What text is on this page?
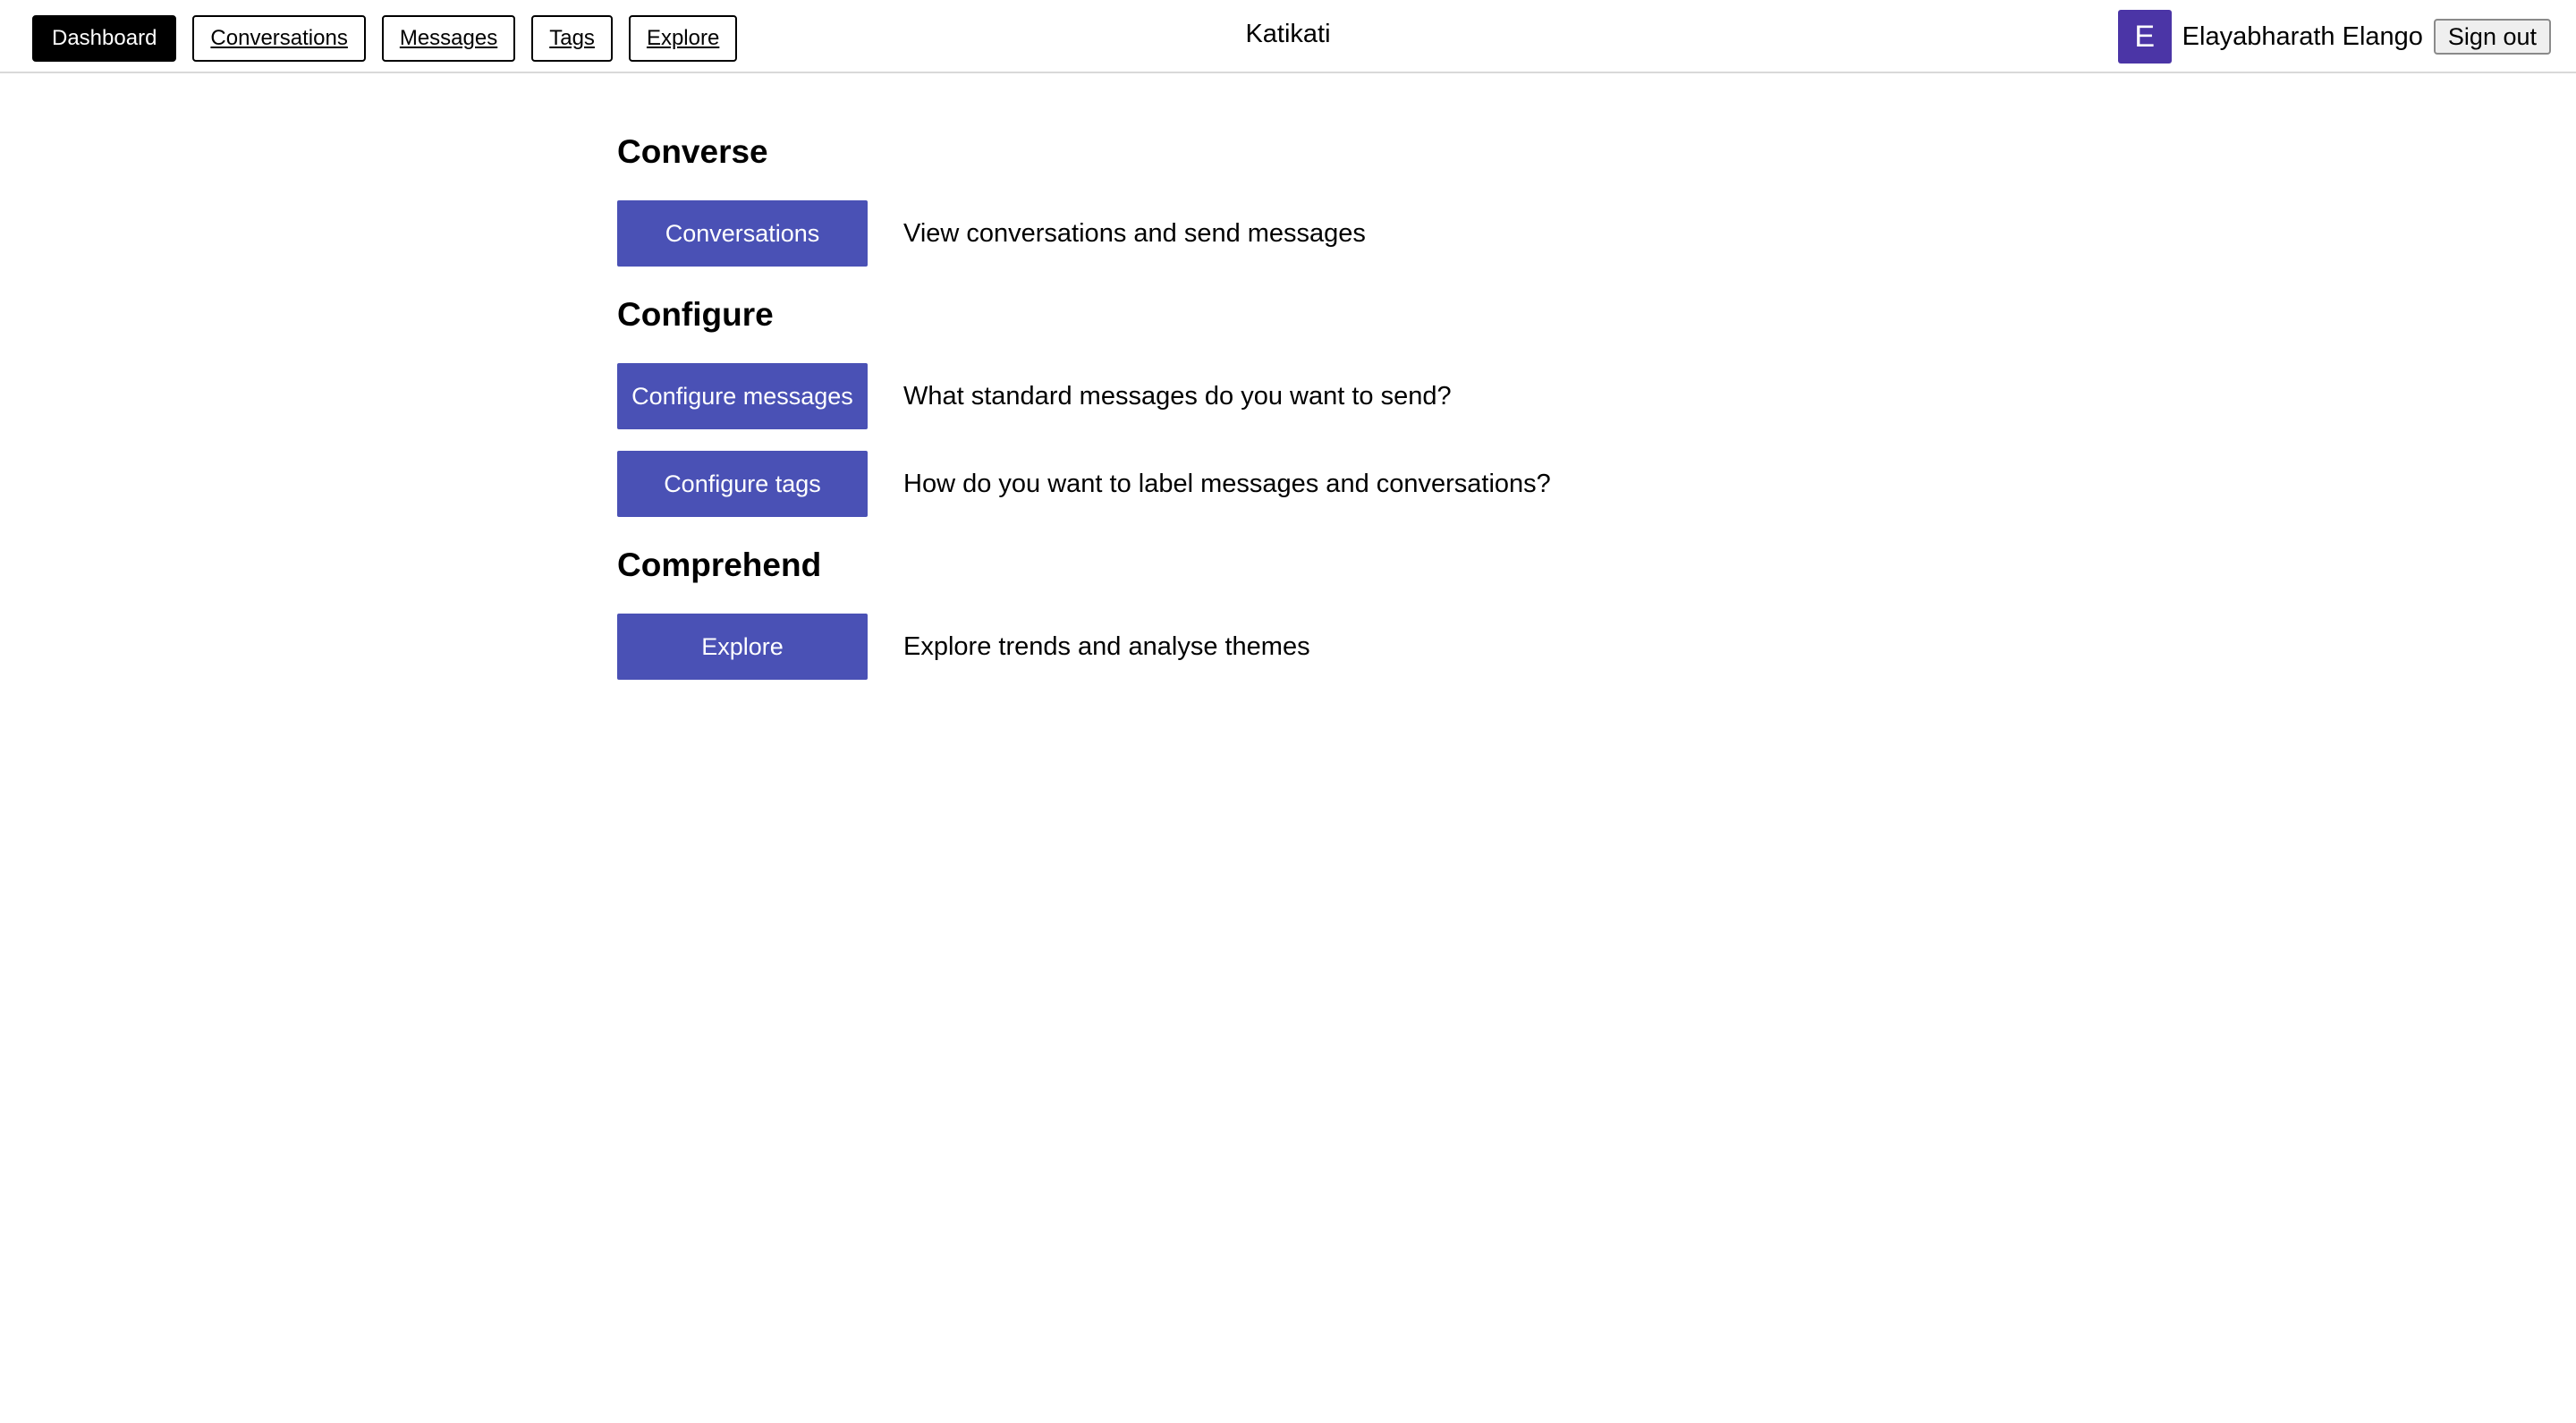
Dashboard	Conversations	Messages	Tags	Explore	Katikati	E	Elayabharath Elango	Sign out
Converse
Conversations	View conversations and send messages
Configure
Configure messages	What standard messages do you want to send?
Configure tags	How do you want to label messages and conversations?
Comprehend
Explore	Explore trends and analyse themes
